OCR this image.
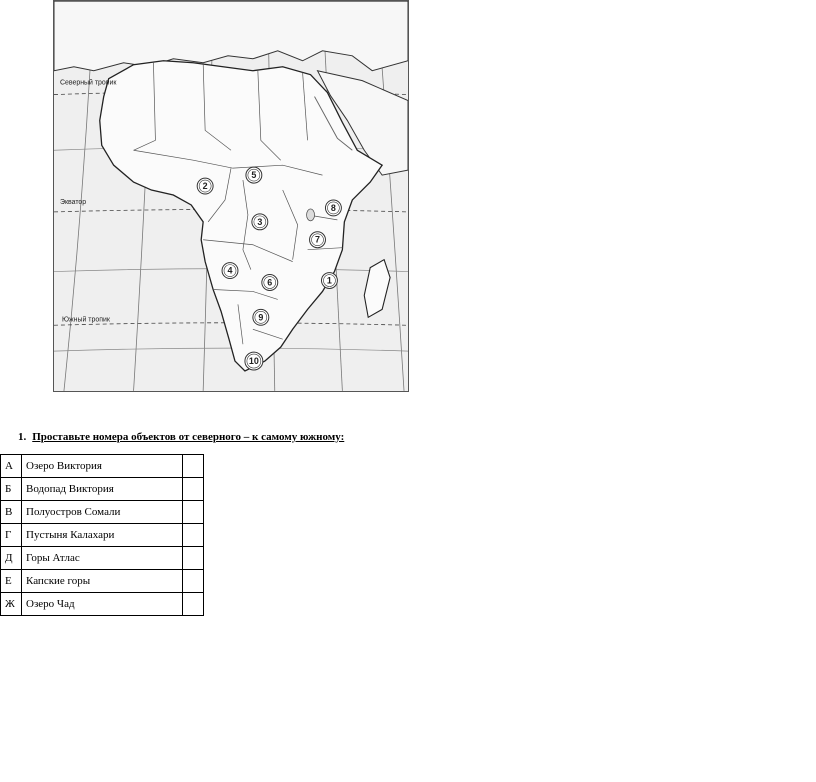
Северный тропик
Экватор
Южный тропик
1
2
3
4
5
6
7
8
9
10
1. Проставьте номера объектов от северного – к самому южному:
А	Озеро Виктория	
Б	Водопад Виктория	
В	Полуостров Сомали	
Г	Пустыня Калахари	
Д	Горы Атлас	
Е	Капские горы	
Ж	Озеро Чад	
